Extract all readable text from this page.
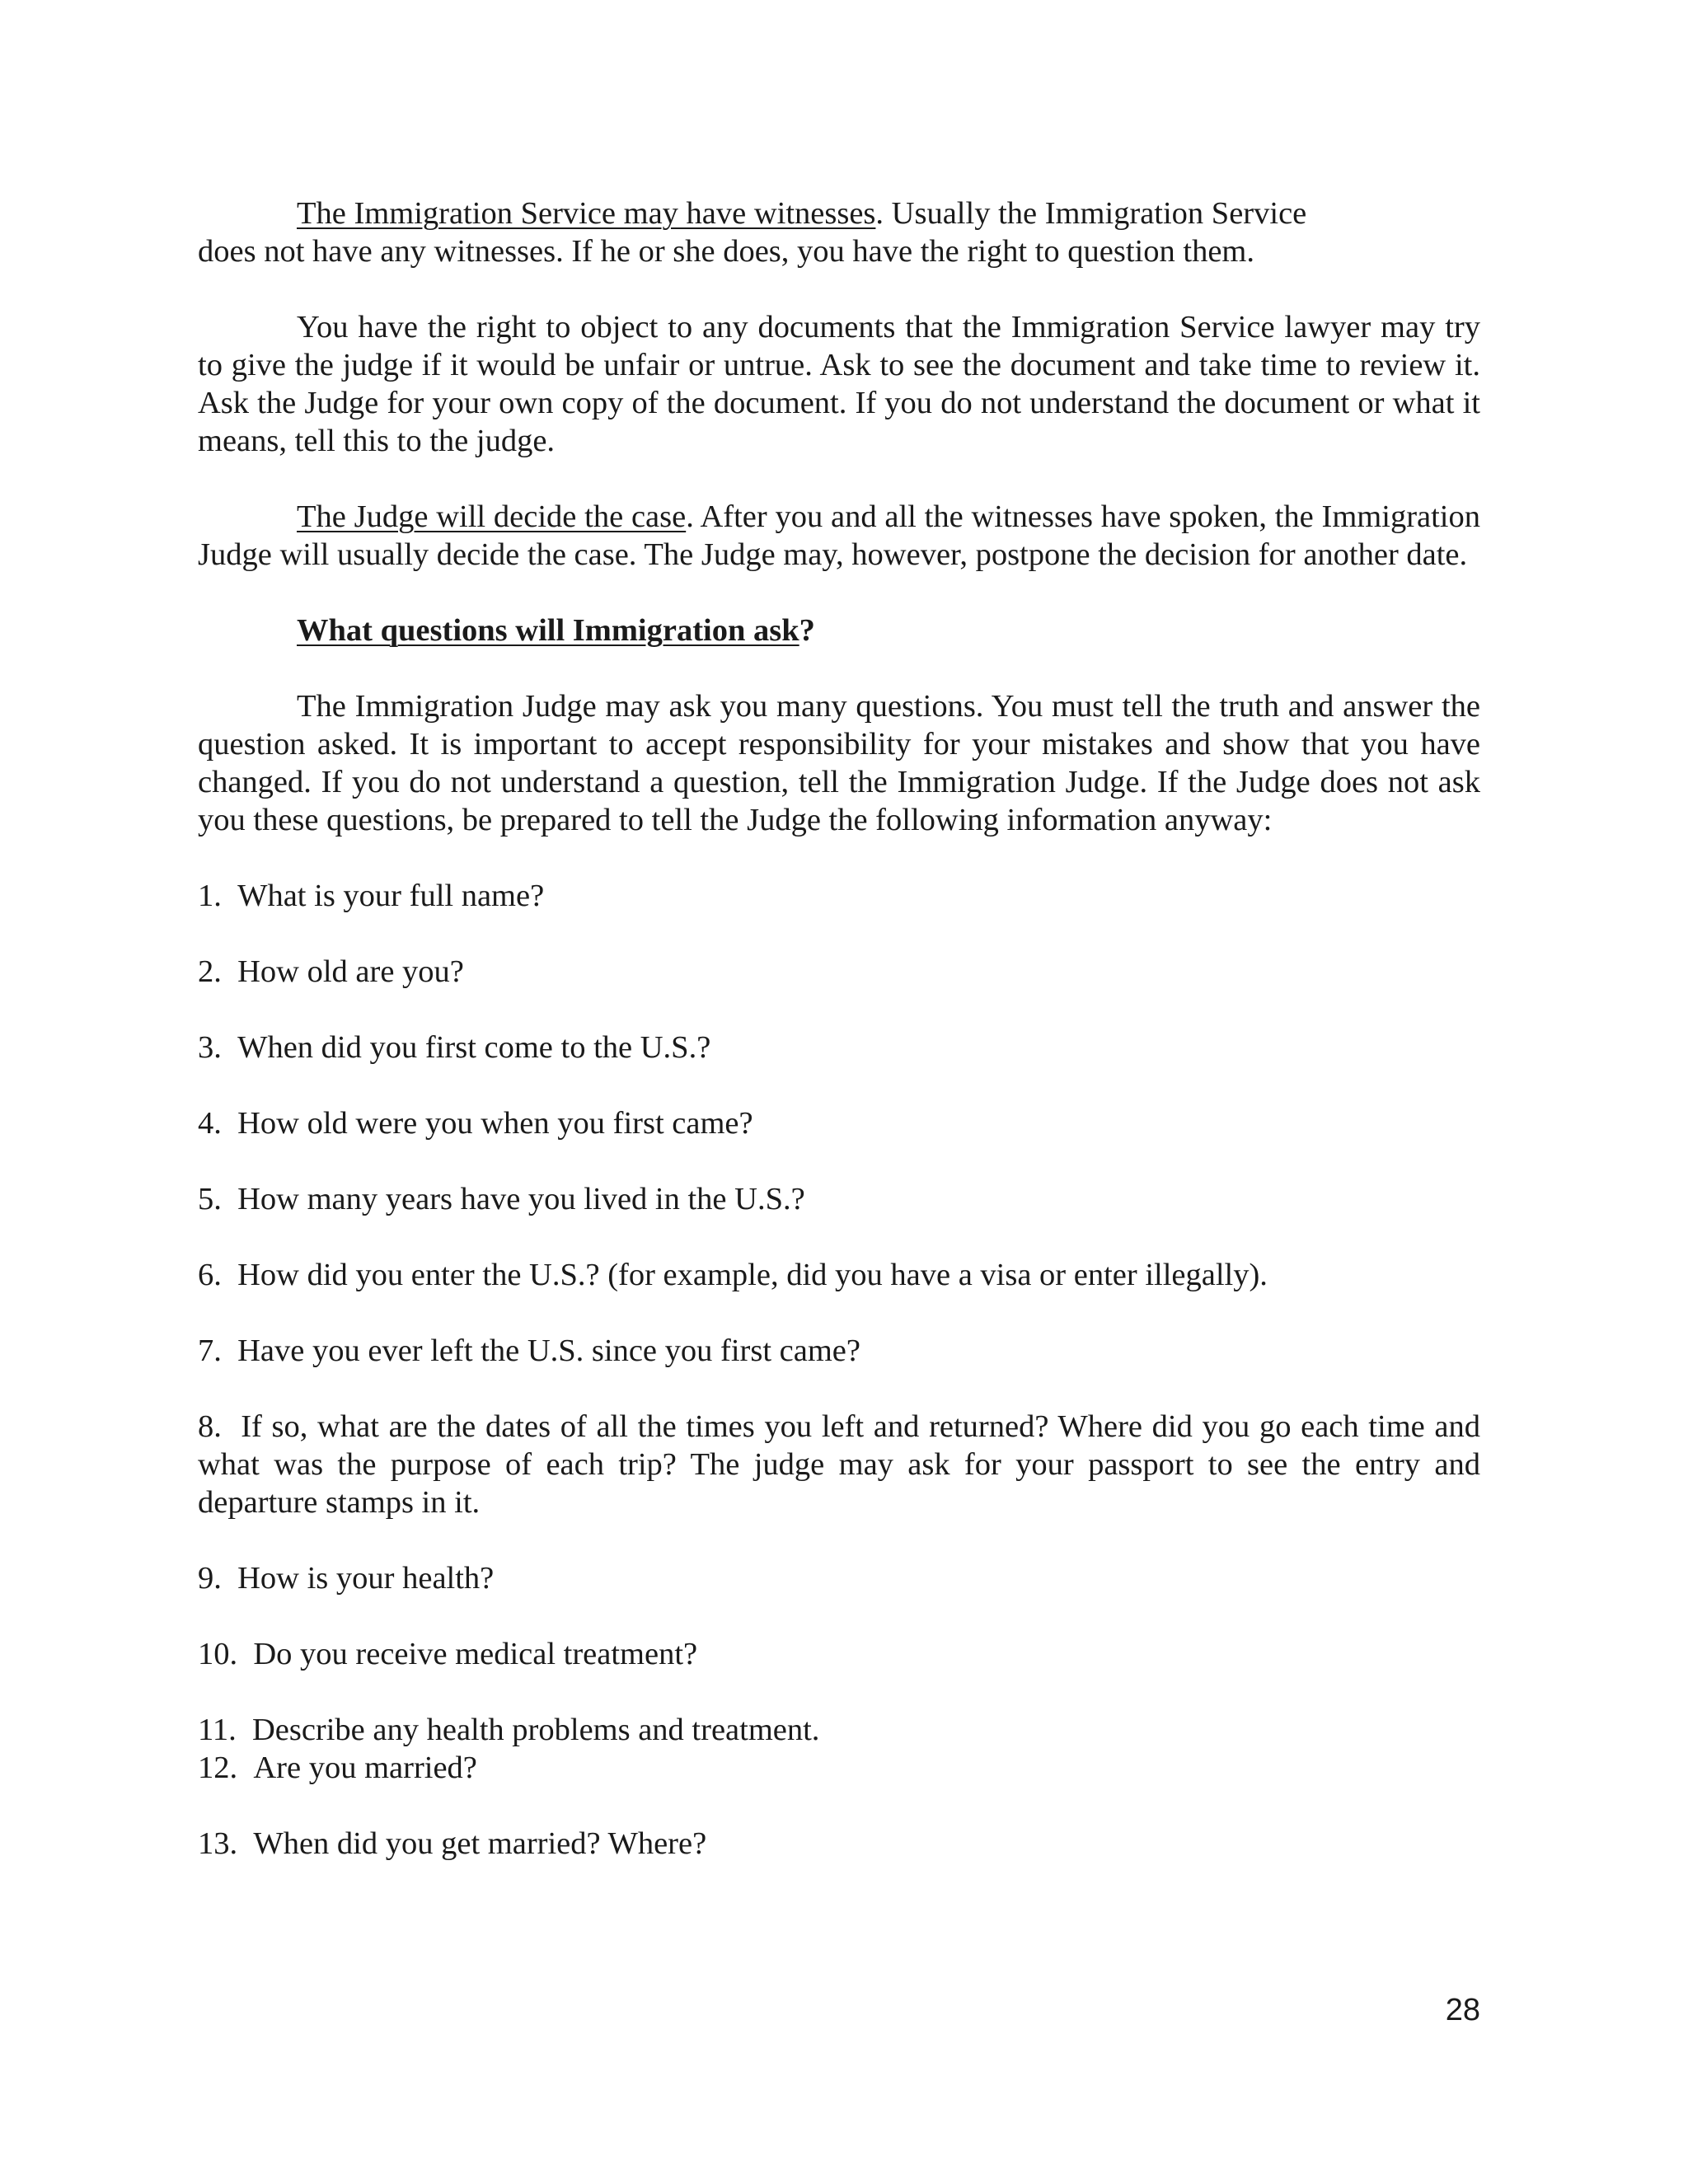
The Immigration Service may have witnesses. Usually the Immigration Service
does not have any witnesses. If he or she does, you have the right to question them.

You have the right to object to any documents that the Immigration Service lawyer may try to give the judge if it would be unfair or untrue. Ask to see the document and take time to review it. Ask the Judge for your own copy of the document. If you do not understand the document or what it means, tell this to the judge.

The Judge will decide the case. After you and all the witnesses have spoken, the Immigration Judge will usually decide the case. The Judge may, however, postpone the decision for another date.

What questions will Immigration ask?

The Immigration Judge may ask you many questions. You must tell the truth and answer the question asked. It is important to accept responsibility for your mistakes and show that you have changed. If you do not understand a question, tell the Immigration Judge. If the Judge does not ask you these questions, be prepared to tell the Judge the following information anyway:

1. What is your full name?

2. How old are you?

3. When did you first come to the U.S.?

4. How old were you when you first came?

5. How many years have you lived in the U.S.?

6. How did you enter the U.S.? (for example, did you have a visa or enter illegally).

7. Have you ever left the U.S. since you first came?

8. If so, what are the dates of all the times you left and returned? Where did you go each time and what was the purpose of each trip? The judge may ask for your passport to see the entry and departure stamps in it.

9. How is your health?

10. Do you receive medical treatment?

11. Describe any health problems and treatment.

12. Are you married?

13. When did you get married? Where?

28
